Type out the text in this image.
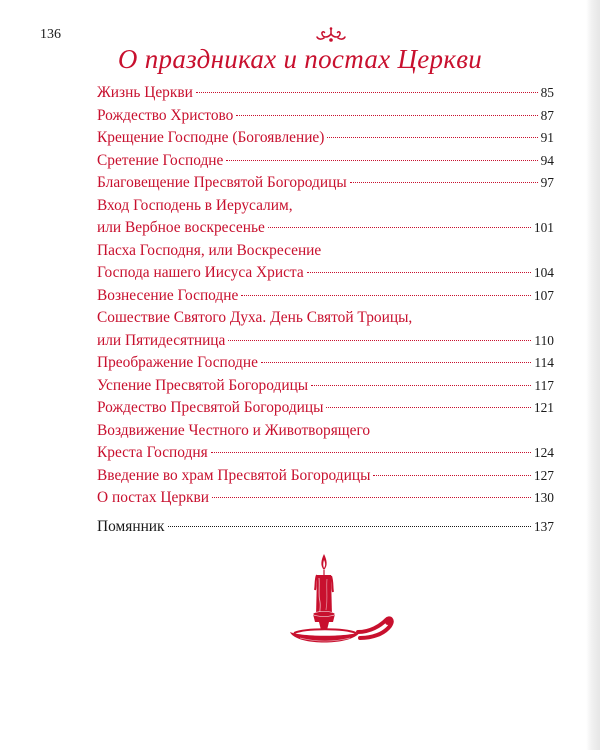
136
О праздниках и постах Церкви
Жизнь Церкви	85
Рождество Христово	87
Крещение Господне (Богоявление)	91
Сретение Господне	94
Благовещение Пресвятой Богородицы	97
Вход Господень в Иерусалим,
или Вербное воскресенье	101
Пасха Господня, или Воскресение
Господа нашего Иисуса Христа	104
Вознесение Господне	107
Сошествие Святого Духа. День Святой Троицы,
или Пятидесятница	110
Преображение Господне	114
Успение Пресвятой Богородицы	117
Рождество Пресвятой Богородицы	121
Воздвижение Честного и Животворящего
Креста Господня	124
Введение во храм Пресвятой Богородицы	127
О постах Церкви	130
Помянник	137
